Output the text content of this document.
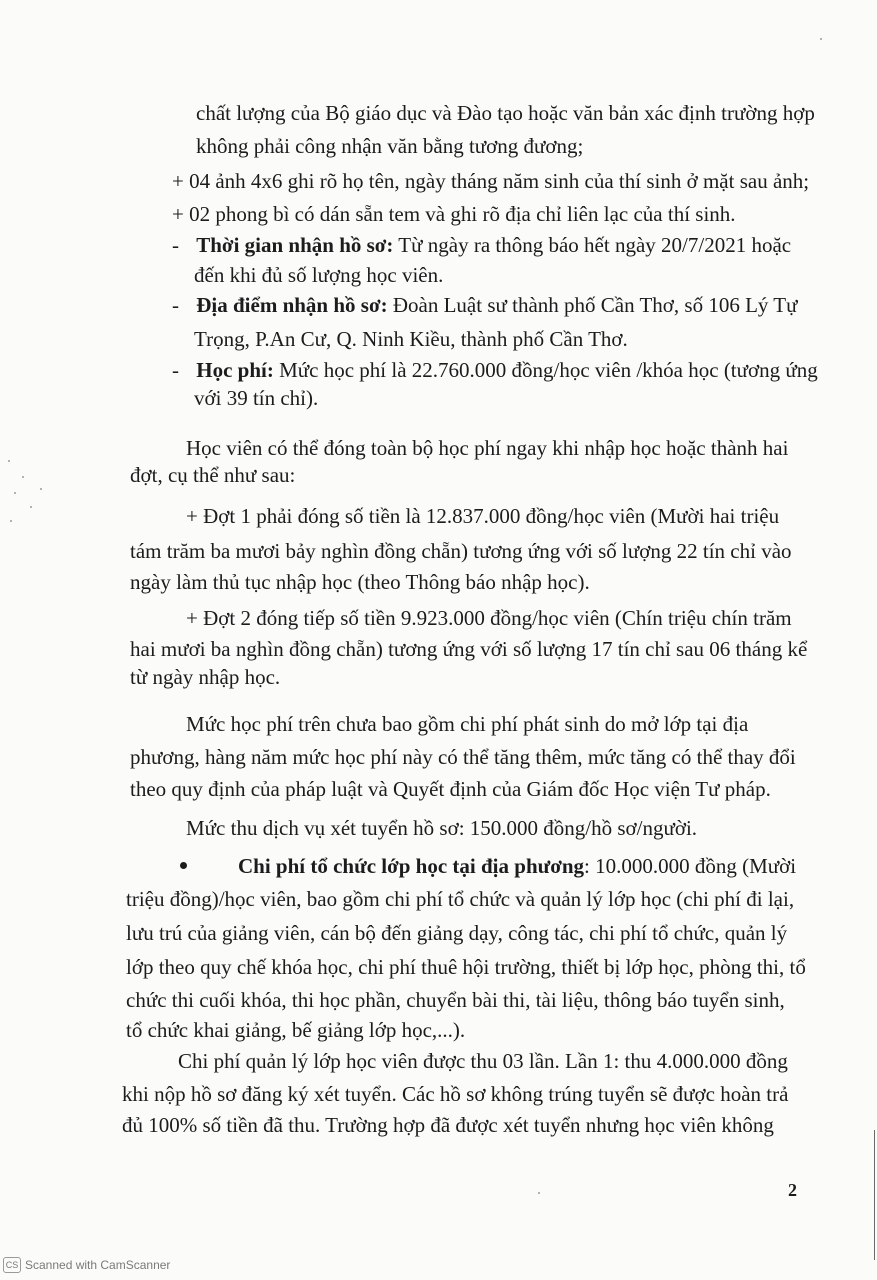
chất lượng của Bộ giáo dục và Đào tạo hoặc văn bản xác định trường hợp
không phải công nhận văn bằng tương đương;
+ 04 ảnh 4x6 ghi rõ họ tên, ngày tháng năm sinh của thí sinh ở mặt sau ảnh;
+ 02 phong bì có dán sẵn tem và ghi rõ địa chỉ liên lạc của thí sinh.
- Thời gian nhận hồ sơ: Từ ngày ra thông báo hết ngày 20/7/2021 hoặc
đến khi đủ số lượng học viên.
- Địa điểm nhận hồ sơ: Đoàn Luật sư thành phố Cần Thơ, số 106 Lý Tự
Trọng, P.An Cư, Q. Ninh Kiều, thành phố Cần Thơ.
- Học phí: Mức học phí là 22.760.000 đồng/học viên /khóa học (tương ứng
với 39 tín chỉ).
Học viên có thể đóng toàn bộ học phí ngay khi nhập học hoặc thành hai
đợt, cụ thể như sau:
+ Đợt 1 phải đóng số tiền là 12.837.000 đồng/học viên (Mười hai triệu
tám trăm ba mươi bảy nghìn đồng chẵn) tương ứng với số lượng 22 tín chỉ vào
ngày làm thủ tục nhập học (theo Thông báo nhập học).
+ Đợt 2 đóng tiếp số tiền 9.923.000 đồng/học viên (Chín triệu chín trăm
hai mươi ba nghìn đồng chẵn) tương ứng với số lượng 17 tín chỉ sau 06 tháng kể
từ ngày nhập học.
Mức học phí trên chưa bao gồm chi phí phát sinh do mở lớp tại địa
phương, hàng năm mức học phí này có thể tăng thêm, mức tăng có thể thay đổi
theo quy định của pháp luật và Quyết định của Giám đốc Học viện Tư pháp.
Mức thu dịch vụ xét tuyển hồ sơ: 150.000 đồng/hồ sơ/người.
Chi phí tổ chức lớp học tại địa phương: 10.000.000 đồng (Mười
triệu đồng)/học viên, bao gồm chi phí tổ chức và quản lý lớp học (chi phí đi lại,
lưu trú của giảng viên, cán bộ đến giảng dạy, công tác, chi phí tổ chức, quản lý
lớp theo quy chế khóa học, chi phí thuê hội trường, thiết bị lớp học, phòng thi, tổ
chức thi cuối khóa, thi học phần, chuyển bài thi, tài liệu, thông báo tuyển sinh,
tổ chức khai giảng, bế giảng lớp học,...).
Chi phí quản lý lớp học viên được thu 03 lần. Lần 1: thu 4.000.000 đồng
khi nộp hồ sơ đăng ký xét tuyển. Các hồ sơ không trúng tuyển sẽ được hoàn trả
đủ 100% số tiền đã thu. Trường hợp đã được xét tuyển nhưng học viên không
2
CS Scanned with CamScanner
